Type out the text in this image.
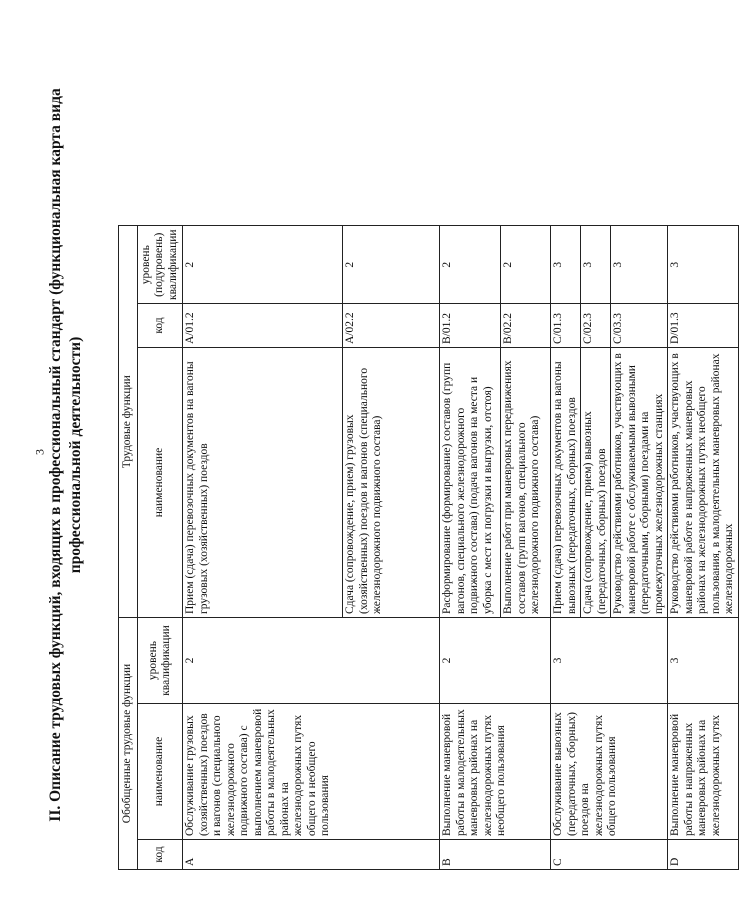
3 II. Описание трудовых функций, входящих в профессиональный стандарт (функциональная карта вида профессиональной деятельности)
Обобщенные трудовые функции			Трудовые функции		
код	наименование	уровень квалификации	наименование	код	уровень (подуровень) квалификации
A	Обслуживание грузовых (хозяйственных) поездов и вагонов (специального железнодорожного подвижного состава) с выполнением маневровой работы в малодеятельных районах на железнодорожных путях общего и необщего пользования	2	Прием (сдача) перевозочных документов на вагоны грузовых (хозяйственных) поездов	A/01.2	2
			Сдача (сопровождение, прием) грузовых (хозяйственных) поездов и вагонов (специального железнодорожного подвижного состава)	A/02.2	2
B	Выполнение маневровой работы в малодеятельных маневровых районах на железнодорожных путях необщего пользования	2	Расформирование (формирование) составов (групп вагонов, специального железнодорожного подвижного состава) (подача вагонов на места и уборка с мест их погрузки и выгрузки, отстоя)	B/01.2	2
			Выполнение работ при маневровых передвижениях составов (групп вагонов, специального железнодорожного подвижного состава)	B/02.2	2
C	Обслуживание вывозных (передаточных, сборных) поездов на железнодорожных путях общего пользования	3	Прием (сдача) перевозочных документов на вагоны вывозных (передаточных, сборных) поездов	C/01.3	3
			Сдача (сопровождение, прием) вывозных (передаточных, сборных) поездов	C/02.3	3
			Руководство действиями работников, участвующих в маневровой работе с обслуживаемыми вывозными (передаточными, сборными) поездами на промежуточных железнодорожных станциях	C/03.3	3
D	Выполнение маневровой работы в напряженных маневровых районах на железнодорожных путях	3	Руководство действиями работников, участвующих в маневровой работе в напряженных маневровых районах на железнодорожных путях необщего пользования, в малодеятельных маневровых районах железнодорожных	D/01.3	3
